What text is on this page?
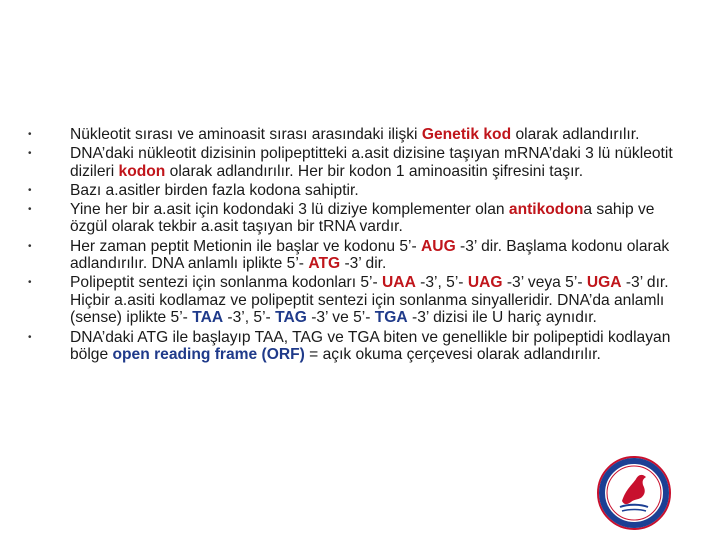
•	Nükleotit sırası ve aminoasit sırası arasındaki ilişki Genetik kod olarak adlandırılır.
•	DNA’daki nükleotit dizisinin polipeptitteki a.asit dizisine taşıyan mRNA’daki 3 lü nükleotit dizileri kodon olarak adlandırılır. Her bir kodon 1 aminoasitin şifresini taşır.
•	Bazı a.asitler birden fazla kodona sahiptir.
•	Yine her bir a.asit için kodondaki 3 lü diziye komplementer olan antikodona sahip ve özgül olarak tekbir a.asit taşıyan bir tRNA vardır.
•	Her zaman peptit Metionin ile başlar ve kodonu 5’- AUG -3’ dir. Başlama kodonu olarak adlandırılır. DNA anlamlı iplikte 5’- ATG -3’ dir.
•	Polipeptit sentezi için sonlanma kodonları 5’- UAA -3’, 5’- UAG -3’ veya 5’- UGA -3’ dır. Hiçbir a.asiti kodlamaz ve polipeptit sentezi için sonlanma sinyalleridir. DNA’da anlamlı (sense) iplikte 5’- TAA -3’, 5’- TAG -3’ ve 5’- TGA -3’ dizisi ile U hariç aynıdır.
•	DNA’daki ATG ile başlayıp TAA, TAG ve TGA biten ve genellikle bir polipeptidi kodlayan bölge open reading frame (ORF) = açık okuma çerçevesi olarak adlandırılır.
